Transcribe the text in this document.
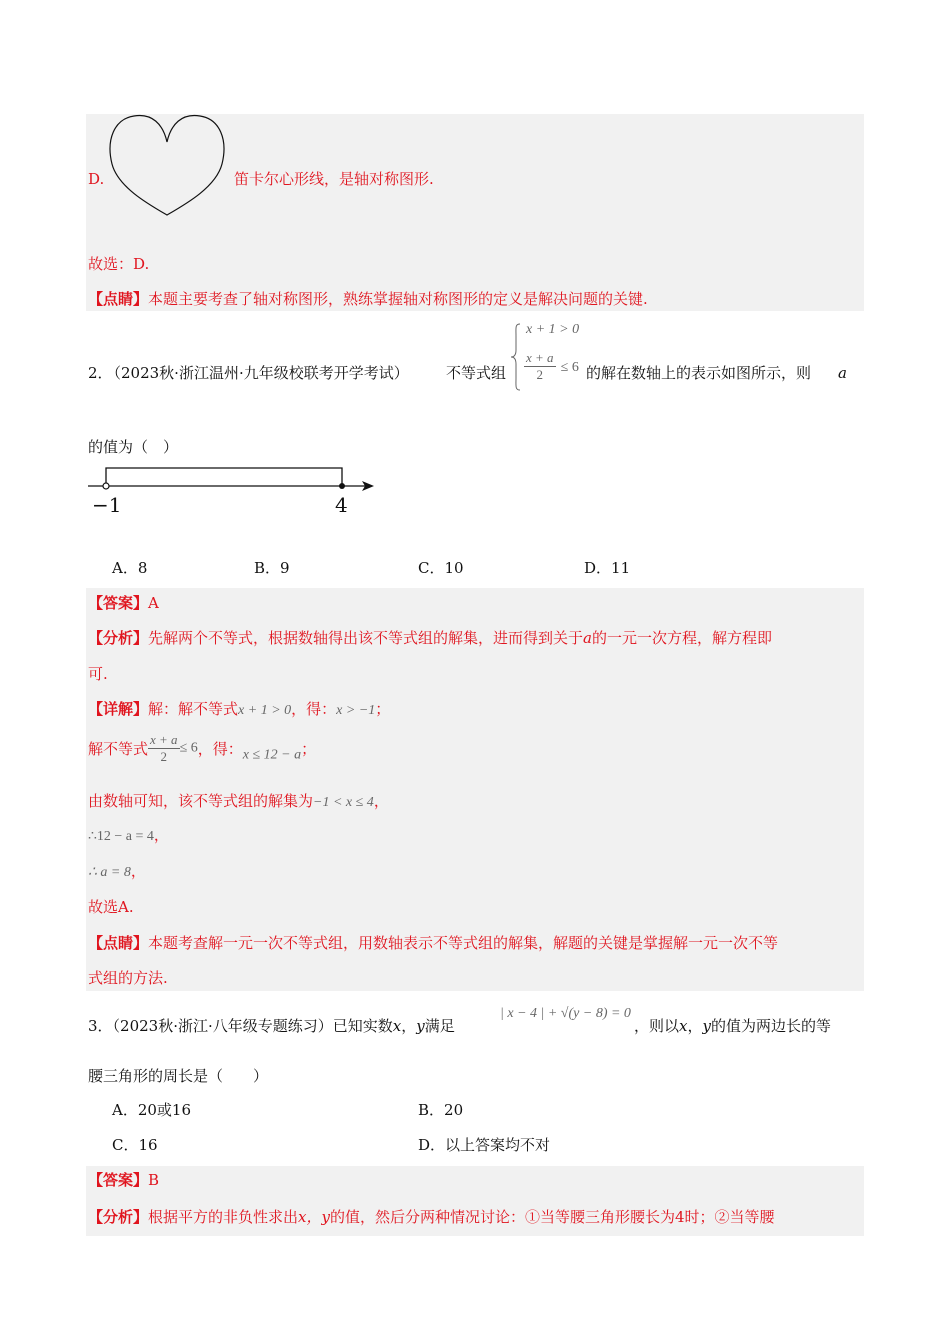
D.	笛卡尔心形线，是轴对称图形.
故选：D.
【点睛】本题主要考查了轴对称图形，熟练掌握轴对称图形的定义是解决问题的关键.
2．
（2023秋·浙江温州·九年级校联考开学考试） 不等式组
x + 1 > 0
$\frac{x + a}{2} \le 6$ 的解在数轴上的表示如图所示，则 a
的值为（　）
−1	4
A．8	B．9	C．10	D．11
【答案】A
【分析】先解两个不等式，根据数轴得出该不等式组的解集，进而得到关于a的一元一次方程，解方程即
可.
【详解】解：解不等式x + 1 > 0，得：x > −1；
解不等式 $\frac{x + a}{2} \le 6$，得：x ≤ 12 − a；
由数轴可知，该不等式组的解集为−1 < x ≤ 4，
∴12 − a = 4，
∴ a = 8，
故选A.
【点睛】本题考查解一元一次不等式组，用数轴表示不等式组的解集，解题的关键是掌握解一元一次不等
式组的方法.
3．（2023秋·浙江·八年级专题练习）已知实数x，y满足
| x − 4 | + √(y − 8) = 0
，则以x，y的值为两边长的等
腰三角形的周长是（　　）
A．20或16	B．20
C．16	D．以上答案均不对
【答案】B
【分析】根据平方的非负性求出x，y的值，然后分两种情况讨论：①当等腰三角形腰长为4时；②当等腰
